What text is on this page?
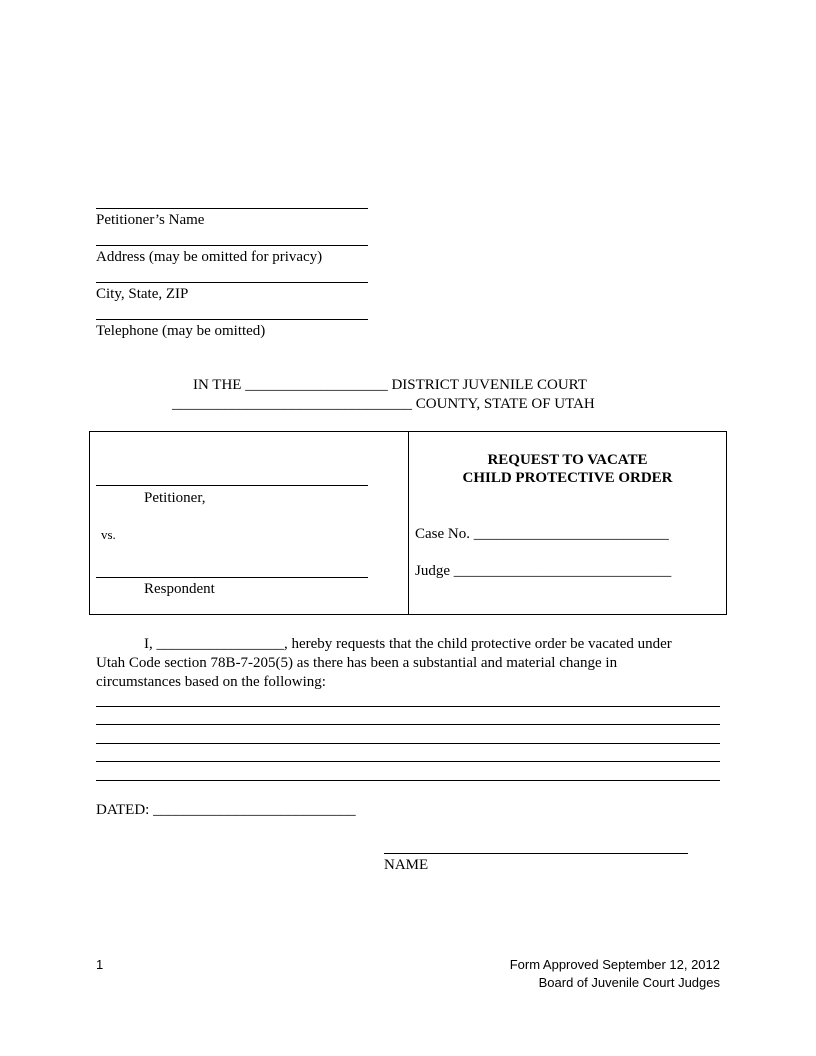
Petitioner’s Name
Address (may be omitted for privacy)
City, State, ZIP
Telephone (may be omitted)
IN THE ___________________ DISTRICT JUVENILE COURT
________________________________ COUNTY, STATE OF UTAH
Petitioner,
vs.
Respondent
REQUEST TO VACATE
CHILD PROTECTIVE ORDER
Case No. __________________________
Judge _____________________________
I, _________________, hereby requests that the child protective order be vacated under
Utah Code section 78B-7-205(5) as there has been a substantial and material change in
circumstances based on the following:
DATED: ___________________________
NAME
1	Form Approved September 12, 2012
Board of Juvenile Court Judges
